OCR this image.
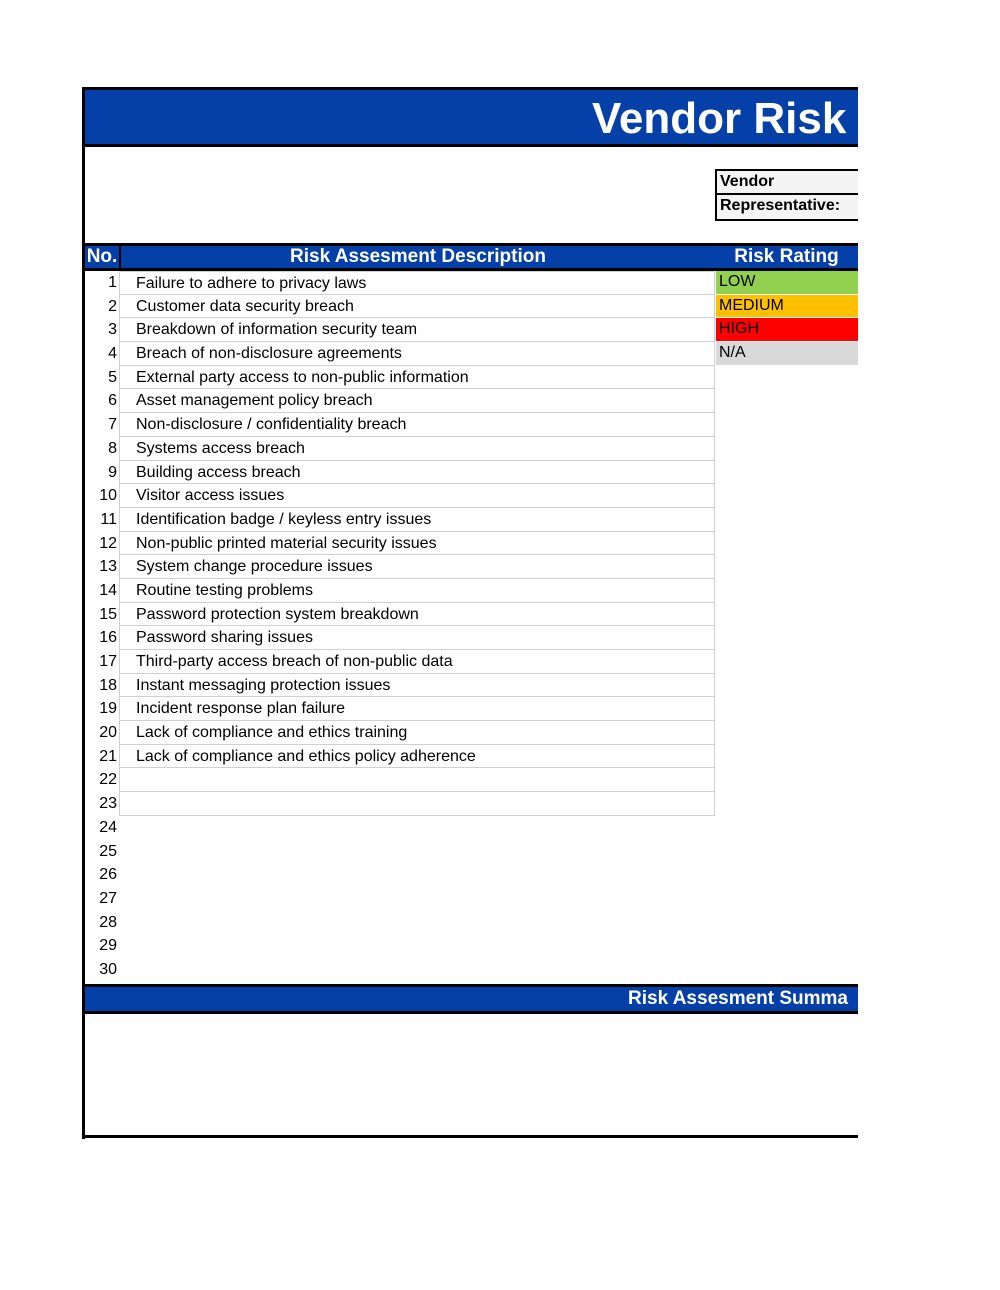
Vendor Risk
Vendor
Representative:
No.	Risk Assesment Description	Risk Rating
1	Failure to adhere to privacy laws	LOW
2	Customer data security breach	MEDIUM
3	Breakdown of information security team	HIGH
4	Breach of non-disclosure agreements	N/A
5	External party access to non-public information
6	Asset management policy breach
7	Non-disclosure / confidentiality breach
8	Systems access breach
9	Building access breach
10	Visitor access issues
11	Identification badge / keyless entry issues
12	Non-public printed material security issues
13	System change procedure issues
14	Routine testing problems
15	Password protection system breakdown
16	Password sharing issues
17	Third-party access breach of non-public data
18	Instant messaging protection issues
19	Incident response plan failure
20	Lack of compliance and ethics training
21	Lack of compliance and ethics policy adherence
22
23
24
25
26
27
28
29
30
Risk Assesment Summa
